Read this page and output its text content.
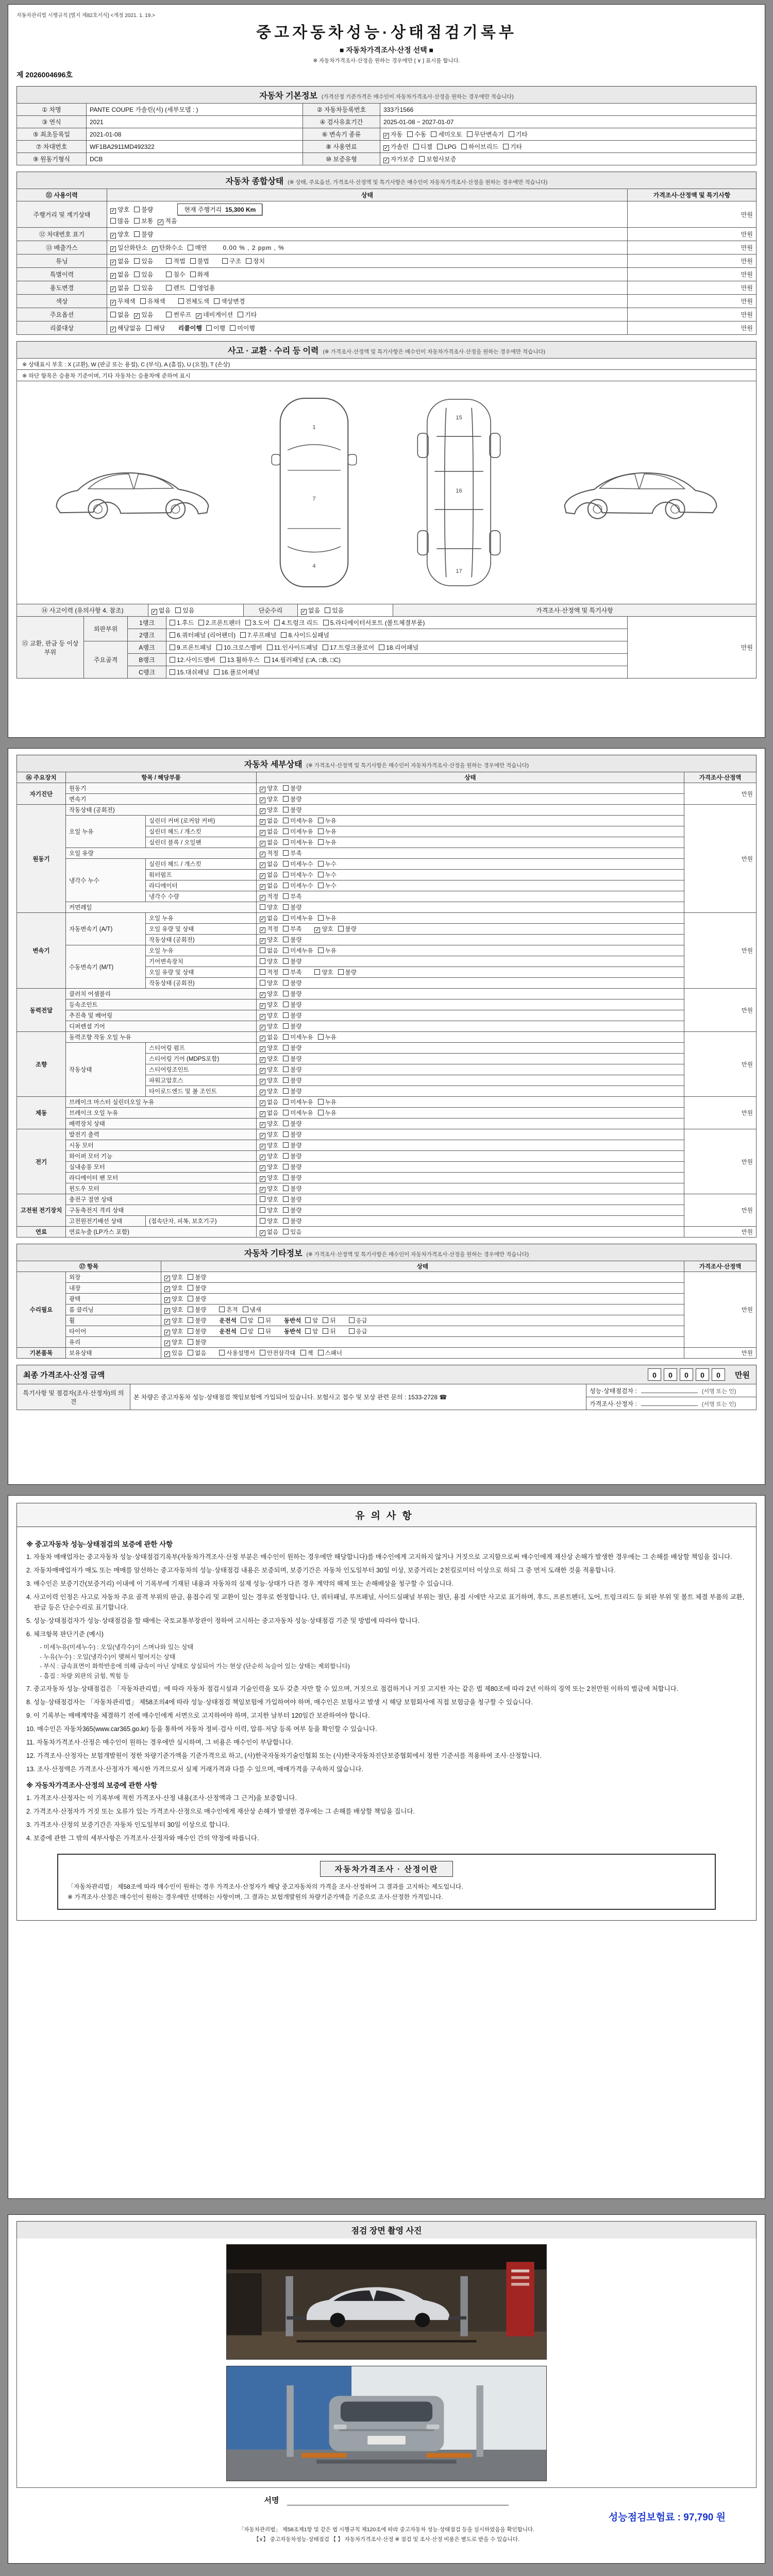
자동차관리법 시행규칙 [별지 제82호서식] <개정 2021. 1. 19.>
중고자동차성능·상태점검기록부
■ 자동차가격조사·산정 선택 ■
※ 자동차가격조사·산정을 원하는 경우에만 [ ∨ ] 표시를 합니다.
제 2026004696호
자동차 기본정보 (가격산정 기준가격은 매수인이 자동차가격조사·산정을 원하는 경우에만 적습니다)
① 차명	PANTE COUPE 가솔린(서) (세부모델 : )	② 자동차등록번호	333가1566
③ 연식	2021	④ 검사유효기간	2025-01-08 ~ 2027-01-07
⑤ 최초등록일	2021-01-08	⑥ 변속기 종류	✓ 자동 수동 세미오토 무단변속기 기타
⑦ 차대번호	WF1BA2911MD492322	⑧ 사용연료	✓ 가솔린 디젤 LPG 하이브리드 기타
⑨ 원동기형식	DCB	⑩ 보증유형	✓ 자가보증 보험사보증
자동차 종합상태 (※ 상태, 주요옵션, 가격조사·산정액 및 특기사항은 매수인이 자동차가격조사·산정을 원하는 경우에만 적습니다)
⑪ 사용이력	상태	가격조사·산정액 및 특기사항
주행거리 및 계기상태	✓ 양호 불량 현재 주행거리  15,300 Km
많음 보통 ✓ 적음	만원
⑫ 차대번호 표기	✓ 양호 불량	만원
⑬ 배출가스	✓ 일산화탄소 ✓ 탄화수소 매연 0.00 % , 2 ppm , %	만원
튜닝	✓ 없음 있음 적법 불법 구조 장치	만원
특별이력	✓ 없음 있음 침수 화재	만원
용도변경	✓ 없음 있음 렌트 영업용	만원
색상	✓ 무채색 유채색 전체도색 색상변경	만원
주요옵션	없음 ✓ 있음 썬루프 ✓ 네비게이션 기타	만원
리콜대상	✓ 해당없음 해당 리콜이행 이행 미이행	만원
사고 · 교환 · 수리 등 이력 (※ 가격조사·산정액 및 특기사항은 매수인이 자동차가격조사·산정을 원하는 경우에만 적습니다)
※ 상태표시 부호 : X (교환), W (판금 또는 용접), C (부식), A (흠집), U (요철), T (손상)
※ 하단 항목은 승용차 기준이며, 기타 자동차는 승용차에 준하여 표시
1
7
4
15
16
17
⑭ 사고이력 (유의사항 4. 참조)	✓ 없음 있음	단순수리	✓ 없음 있음	가격조사·산정액 및 특기사항
⑮ 교환, 판금 등 이상 부위	외판부위	1랭크	1.후드 2.프론트펜더 3.도어 4.트렁크 리드 5.라디에이터서포트 (볼트체결부품)	만원
		2랭크	6.쿼터패널 (리어펜더) 7.루프패널 8.사이드실패널	
	주요골격	A랭크	9.프론트패널 10.크로스멤버 11.인사이드패널 17.트렁크플로어 18.리어패널	
		B랭크	12.사이드멤버 13.휠하우스 14.필러패널 (□A, □B, □C)	
		C랭크	15.대쉬패널 16.플로어패널	
자동차 세부상태 (※ 가격조사·산정액 및 특기사항은 매수인이 자동차가격조사·산정을 원하는 경우에만 적습니다)
⑯ 주요장치	항목 / 해당부품		상태	가격조사·산정액
자기진단	원동기		✓ 양호 불량	만원
	변속기		✓ 양호 불량	
원동기	작동상태 (공회전)		✓ 양호 불량	만원
	오일 누유	실린더 커버 (로커암 커버)	✓ 없음 미세누유 누유	
		실린더 헤드 / 개스킷	✓ 없음 미세누유 누유	
		실린더 블록 / 오일팬	✓ 없음 미세누유 누유	
	오일 유량		✓ 적정 부족	
	냉각수 누수	실린더 헤드 / 개스킷	✓ 없음 미세누수 누수	
		워터펌프	✓ 없음 미세누수 누수	
		라디에이터	✓ 없음 미세누수 누수	
		냉각수 수량	✓ 적정 부족	
	커먼레일		양호 불량	
변속기	자동변속기 (A/T)	오일 누유	✓ 없음 미세누유 누유	만원
		오일 유량 및 상태	✓ 적정 부족 ✓ 양호 불량	
		작동상태 (공회전)	✓ 양호 불량	
	수동변속기 (M/T)	오일 누유	없음 미세누유 누유	
		기어변속장치	양호 불량	
		오일 유량 및 상태	적정 부족 양호 불량	
		작동상태 (공회전)	양호 불량	
동력전달	클러치 어셈블리		✓ 양호 불량	만원
	등속조인트		✓ 양호 불량	
	추진축 및 베어링		✓ 양호 불량	
	디퍼렌셜 기어		✓ 양호 불량	
조향	동력조향 작동 오일 누유		✓ 없음 미세누유 누유	만원
	작동상태	스티어링 펌프	✓ 양호 불량	
		스티어링 기어 (MDPS포함)	✓ 양호 불량	
		스티어링조인트	✓ 양호 불량	
		파워고압호스	✓ 양호 불량	
		타이로드엔드 및 볼 조인트	✓ 양호 불량	
제동	브레이크 마스터 실린더오일 누유		✓ 없음 미세누유 누유	만원
	브레이크 오일 누유		✓ 없음 미세누유 누유	
	배력장치 상태		✓ 양호 불량	
전기	발전기 출력		✓ 양호 불량	만원
	시동 모터		✓ 양호 불량	
	와이퍼 모터 기능		✓ 양호 불량	
	실내송풍 모터		✓ 양호 불량	
	라디에이터 팬 모터		✓ 양호 불량	
	윈도우 모터		✓ 양호 불량	
고전원 전기장치	충전구 절연 상태		양호 불량	만원
	구동축전지 격리 상태		양호 불량	
	고전원전기배선 상태	(접속단자, 피복, 보호기구)	양호 불량	
연료	연료누출 (LP가스 포함)		✓ 없음 있음	만원
자동차 기타정보 (※ 가격조사·산정액 및 특기사항은 매수인이 자동차가격조사·산정을 원하는 경우에만 적습니다)
⑰ 항목		상태	가격조사·산정액
수리필요	외장	✓ 양호 불량	만원
	내장	✓ 양호 불량	
	광택	✓ 양호 불량	
	룸 클리닝	✓ 양호 불량 흔적 냄새	
	휠	✓ 양호 불량 운전석 앞 뒤 동반석 앞 뒤 응급	
	타이어	✓ 양호 불량 운전석 앞 뒤 동반석 앞 뒤 응급	
	유리	✓ 양호 불량	
기본품목	보유상태	✓ 있음 없음 사용설명서 안전삼각대 잭 스패너	만원
최종 가격조사·산정 금액	0 0 0 0 0	만원
특기사항 및 점검자(조사·산정자)의 의견	본 차량은 중고자동차 성능·상태점검 책임보험에 가입되어 있습니다. 보험사고 접수 및 보상 관련 문의 : 1533-2728 ☎	성능·상태점검자 :	(서명 또는 인)
가격조사·산정자 :	(서명 또는 인)
유의사항
※ 중고자동차 성능·상태점검의 보증에 관한 사항
1. 자동차 매매업자는 중고자동차 성능·상태점검기록부(자동차가격조사·산정 부분은 매수인이 원하는 경우에만 해당합니다)를 매수인에게 고지하지 않거나 거짓으로 고지함으로써 매수인에게 재산상 손해가 발생한 경우에는 그 손해를 배상할 책임을 집니다.
2. 자동차매매업자가 매도 또는 매매를 알선하는 중고자동차의 성능·상태점검 내용은 보증되며, 보증기간은 자동차 인도일부터 30일 이상, 보증거리는 2천킬로미터 이상으로 하되 그 중 먼저 도래한 것을 적용합니다.
3. 매수인은 보증기간(보증거리) 이내에 이 기록부에 기재된 내용과 자동차의 실제 성능·상태가 다른 경우 계약의 해제 또는 손해배상을 청구할 수 있습니다.
4. 사고이력 인정은 사고로 자동차 주요 골격 부위의 판금, 용접수리 및 교환이 있는 경우로 한정합니다. 단, 쿼터패널, 루프패널, 사이드실패널 부위는 절단, 용접 시에만 사고로 표기하며, 후드, 프론트펜더, 도어, 트렁크리드 등 외판 부위 및 볼트 체결 부품의 교환, 판금 등은 단순수리로 표기합니다.
5. 성능·상태점검자가 성능·상태점검을 할 때에는 국토교통부장관이 정하여 고시하는 중고자동차 성능·상태점검 기준 및 방법에 따라야 합니다.
6. 체크항목 판단기준 (예시)
- 미세누유(미세누수) : 오일(냉각수)이 스며나와 있는 상태
- 누유(누수) : 오일(냉각수)이 맺혀서 떨어지는 상태
- 부식 : 금속표면이 화학반응에 의해 금속이 아닌 상태로 상실되어 가는 현상 (단순히 녹슬어 있는 상태는 제외합니다)
- 흠집 : 차량 외판의 긁힘, 찍힘 등
7. 중고자동차 성능·상태점검은 「자동차관리법」에 따라 자동차 점검시설과 기술인력을 모두 갖춘 자만 할 수 있으며, 거짓으로 점검하거나 거짓 고지한 자는 같은 법 제80조에 따라 2년 이하의 징역 또는 2천만원 이하의 벌금에 처합니다.
8. 성능·상태점검자는 「자동차관리법」 제58조의4에 따라 성능·상태점검 책임보험에 가입하여야 하며, 매수인은 보험사고 발생 시 해당 보험회사에 직접 보험금을 청구할 수 있습니다.
9. 이 기록부는 매매계약을 체결하기 전에 매수인에게 서면으로 고지하여야 하며, 고지한 날부터 120일간 보관하여야 합니다.
10. 매수인은 자동차365(www.car365.go.kr) 등을 통하여 자동차 정비·검사 이력, 압류·저당 등록 여부 등을 확인할 수 있습니다.
11. 자동차가격조사·산정은 매수인이 원하는 경우에만 실시하며, 그 비용은 매수인이 부담합니다.
12. 가격조사·산정자는 보험개발원이 정한 차량기준가액을 기준가격으로 하고, (사)한국자동차기술인협회 또는 (사)한국자동차진단보증협회에서 정한 기준서를 적용하여 조사·산정합니다.
13. 조사·산정액은 가격조사·산정자가 제시한 가격으로서 실제 거래가격과 다를 수 있으며, 매매가격을 구속하지 않습니다.
※ 자동차가격조사·산정의 보증에 관한 사항
1. 가격조사·산정자는 이 기록부에 적힌 가격조사·산정 내용(조사·산정액과 그 근거)을 보증합니다.
2. 가격조사·산정자가 거짓 또는 오류가 있는 가격조사·산정으로 매수인에게 재산상 손해가 발생한 경우에는 그 손해를 배상할 책임을 집니다.
3. 가격조사·산정의 보증기간은 자동차 인도일부터 30일 이상으로 합니다.
4. 보증에 관한 그 밖의 세부사항은 가격조사·산정자와 매수인 간의 약정에 따릅니다.
자동차가격조사 · 산정이란
「자동차관리법」 제58조에 따라 매수인이 원하는 경우 가격조사·산정자가 해당 중고자동차의 가격을 조사·산정하여 그 결과를 고지하는 제도입니다.
※ 가격조사·산정은 매수인이 원하는 경우에만 선택하는 사항이며, 그 결과는 보험개발원의 차량기준가액을 기준으로 조사·산정한 가격입니다.
점검 장면 촬영 사진
서명
성능점검보험료 : 97,790 원
「자동차관리법」 제58조제1항 및 같은 법 시행규칙 제120조에 따라 중고자동차 성능·상태점검 등을 실시하였음을 확인합니다.
【∨】 중고자동차성능·상태점검 【 】 자동차가격조사·산정 ※ 점검 및 조사·산정 비용은 별도로 받을 수 있습니다.
